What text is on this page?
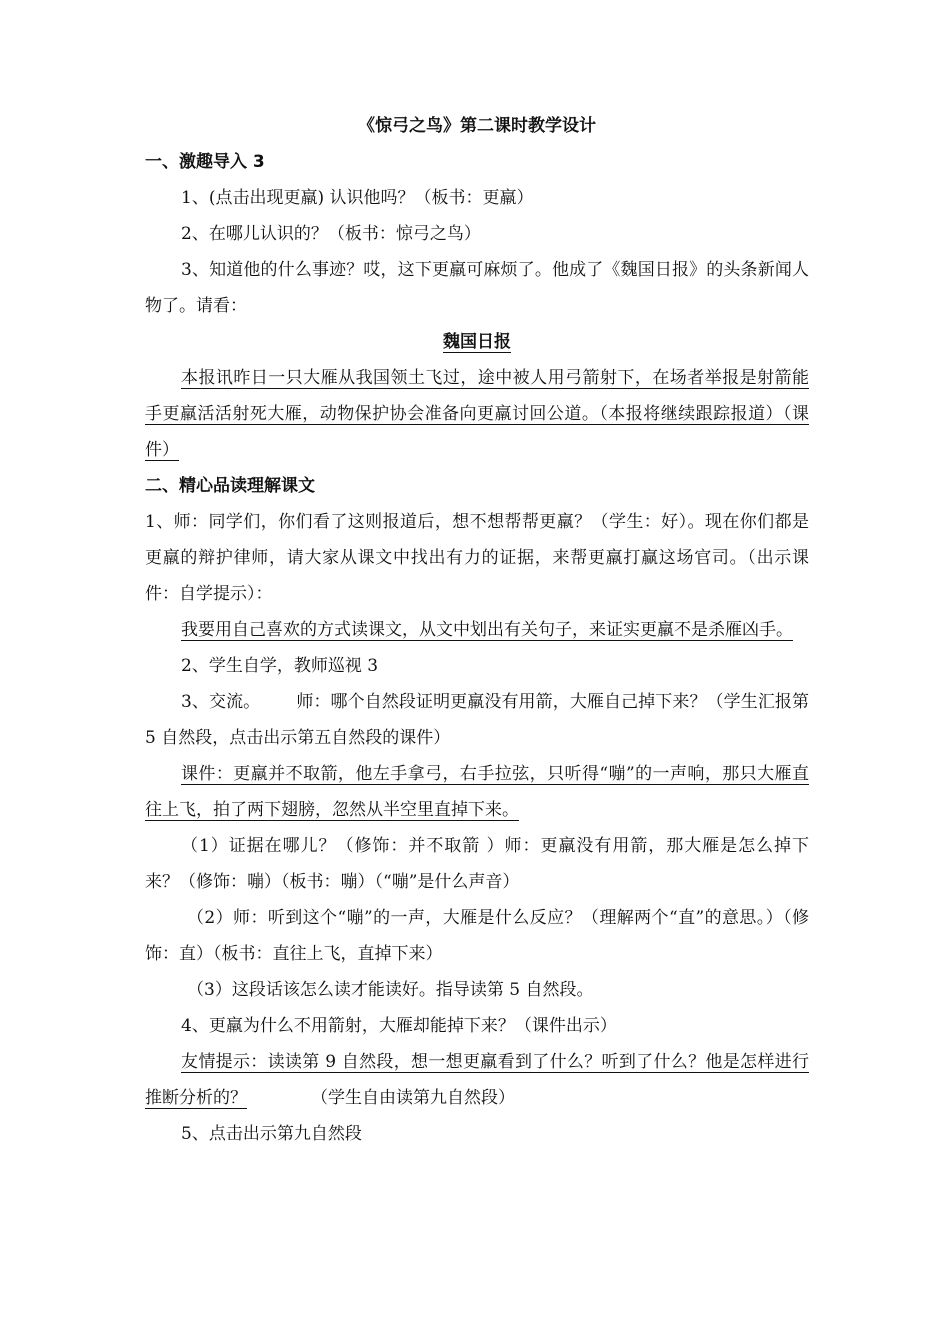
《惊弓之鸟》第二课时教学设计
一、激趣导入 3

1、(点击出现更羸) 认识他吗？（板书：更羸）

2、在哪儿认识的？（板书：惊弓之鸟）

3、知道他的什么事迹？哎，这下更羸可麻烦了。他成了《魏国日报》的头条新闻人物了。请看：

魏国日报

本报讯昨日一只大雁从我国领土飞过，途中被人用弓箭射下，在场者举报是射箭能手更羸活活射死大雁，动物保护协会准备向更羸讨回公道。（本报将继续跟踪报道）（课件）

二、精心品读理解课文

1、师：同学们，你们看了这则报道后，想不想帮帮更羸？（学生：好）。现在你们都是更羸的辩护律师，请大家从课文中找出有力的证据，来帮更羸打赢这场官司。（出示课件：自学提示）：

我要用自己喜欢的方式读课文，从文中划出有关句子，来证实更羸不是杀雁凶手。

2、学生自学，教师巡视 3

3、交流。 师：哪个自然段证明更羸没有用箭，大雁自己掉下来？（学生汇报第 5 自然段，点击出示第五自然段的课件）

课件：更羸并不取箭，他左手拿弓，右手拉弦，只听得“嘣”的一声响，那只大雁直往上飞，拍了两下翅膀，忽然从半空里直掉下来。

（1）证据在哪儿？（修饰：并不取箭 ）师：更羸没有用箭，那大雁是怎么掉下来？（修饰：嘣）（板书：嘣）（“嘣”是什么声音）

（2）师：听到这个“嘣”的一声，大雁是什么反应？（理解两个“直”的意思。）（修饰：直）（板书：直往上飞，直掉下来）

（3）这段话该怎么读才能读好。指导读第 5 自然段。

4、更羸为什么不用箭射，大雁却能掉下来？（课件出示）

友情提示：读读第 9 自然段，想一想更羸看到了什么？听到了什么？他是怎样进行推断分析的？	（学生自由读第九自然段）

5、点击出示第九自然段
